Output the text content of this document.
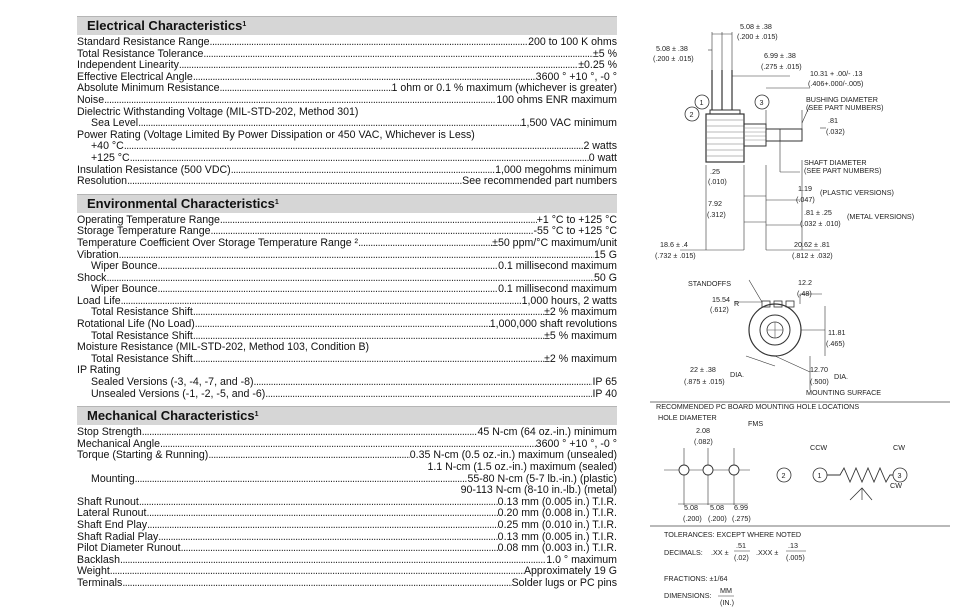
Electrical Characteristics$^1$
Standard Resistance Range .....	200 to 100 K ohms
Total Resistance Tolerance .....	±5 %
Independent Linearity .....	±0.25 %
Effective Electrical Angle .....	3600 ° +10 °, -0 °
Absolute Minimum Resistance .....	1 ohm or 0.1 % maximum (whichever is greater)
Noise .....	100 ohms ENR maximum
Dielectric Withstanding Voltage (MIL-STD-202, Method 301)
Sea Level .....	1,500 VAC minimum
Power Rating (Voltage Limited By Power Dissipation or 450 VAC, Whichever is Less)
+40 °C .....	2 watts
+125 °C .....	0 watt
Insulation Resistance (500 VDC) .....	1,000 megohms minimum
Resolution .....	See recommended part numbers
Environmental Characteristics$^1$
Operating Temperature Range .....	+1 °C to +125 °C
Storage Temperature Range .....	-55 °C to +125 °C
Temperature Coefficient Over Storage Temperature Range ² .....	±50 ppm/°C maximum/unit
Vibration .....	15 G
Wiper Bounce .....	0.1 millisecond maximum
Shock .....	50 G
Wiper Bounce .....	0.1 millisecond maximum
Load Life .....	1,000 hours, 2 watts
Total Resistance Shift .....	±2 % maximum
Rotational Life (No Load) .....	1,000,000 shaft revolutions
Total Resistance Shift .....	±5 % maximum
Moisture Resistance (MIL-STD-202, Method 103, Condition B)
Total Resistance Shift .....	±2 % maximum
IP Rating
Sealed Versions (-3, -4, -7, and -8) .....	IP 65
Unsealed Versions (-1, -2, -5, and -6) .....	IP 40
Mechanical Characteristics$^1$
Stop Strength .....	45 N-cm (64 oz.-in.) minimum
Mechanical Angle .....	3600 ° +10 °, -0 °
Torque (Starting & Running) .....	0.35 N-cm (0.5 oz.-in.) maximum (unsealed)
1.1 N-cm (1.5 oz.-in.) maximum (sealed)
Mounting .....	55-80 N-cm (5-7 lb.-in.) (plastic)
90-113 N-cm (8-10 in.-lb.) (metal)
Shaft Runout .....	0.13 mm (0.005 in.) T.I.R.
Lateral Runout .....	0.20 mm (0.008 in.) T.I.R.
Shaft End Play .....	0.25 mm (0.010 in.) T.I.R.
Shaft Radial Play .....	0.13 mm (0.005 in.) T.I.R.
Pilot Diameter Runout .....	0.08 mm (0.003 in.) T.I.R.
Backlash .....	1.0 ° maximum
Weight .....	Approximately 19 G
Terminals .....	Solder lugs or PC pins
2
1	3
5.08 ± .38
(.200 ± .015)
5.08 ± .38
(.200 ± .015)	6.99 ± .38
(.275 ± .015)
10.31 + .00/- .13
(.406+.000/-.005)
BUSHING DIAMETER
(SEE PART NUMBERS)
.81
(.032)
SHAFT DIAMETER
(SEE PART NUMBERS)
.25
(.010)
7.92
(.312)
1.19 (PLASTIC VERSIONS)
(.047)
.81 ± .25 (METAL VERSIONS)
(.032 ± .010)
18.6 ± .4
(.732 ± .015)
20.62 ± .81
(.812 ± .032)
STANDOFFS
15.54
(.612)
R
12.2
(.48)
11.81
(.465)
22 ± .38
(.875 ± .015)
DIA.
12.70
(.500)
DIA.
MOUNTING SURFACE
RECOMMENDED PC BOARD MOUNTING HOLE LOCATIONS
HOLE DIAMETER
2.08
(.082)
FMS
5.08
(.200)
5.08
(.200)
6.99
(.275)
2	1	3
CCW	CW
CW
TOLERANCES: EXCEPT WHERE NOTED
DECIMALS: .XX ±
.51
(.02)
.XXX ±
.13
(.005)
FRACTIONS: ±1/64
DIMENSIONS:
MM
(IN.)
